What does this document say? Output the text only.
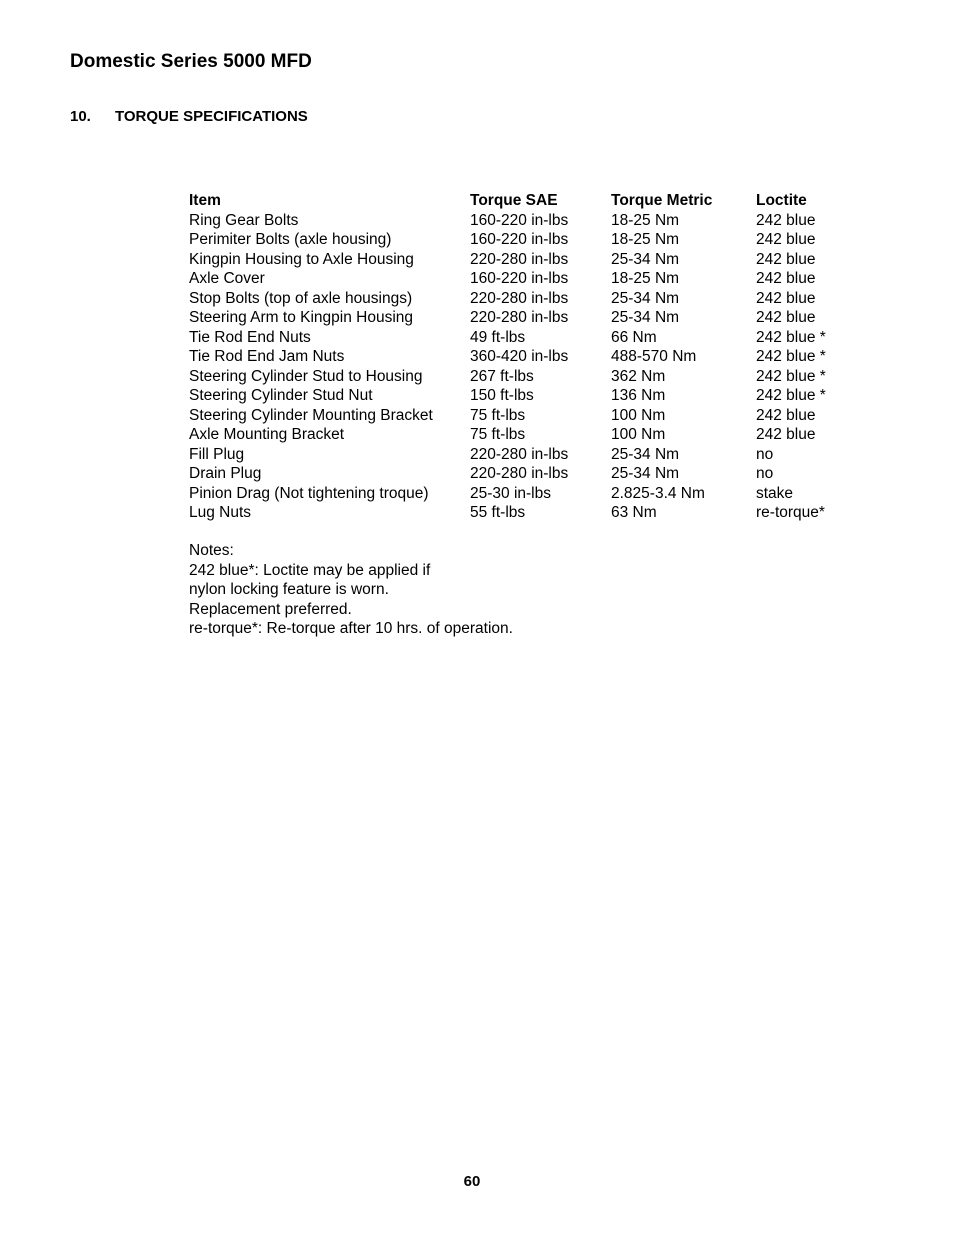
Domestic Series 5000 MFD
10. TORQUE SPECIFICATIONS
Item	Torque SAE	Torque Metric	Loctite
Ring Gear Bolts	160-220 in-lbs	18-25 Nm	242 blue
Perimiter Bolts (axle housing)	160-220 in-lbs	18-25 Nm	242 blue
Kingpin Housing to Axle Housing	220-280 in-lbs	25-34 Nm	242 blue
Axle Cover	160-220 in-lbs	18-25 Nm	242 blue
Stop Bolts (top of axle housings)	220-280 in-lbs	25-34 Nm	242 blue
Steering Arm to Kingpin Housing	220-280 in-lbs	25-34 Nm	242 blue
Tie Rod End Nuts	49 ft-lbs	66 Nm	242 blue *
Tie Rod End Jam Nuts	360-420 in-lbs	488-570 Nm	242 blue *
Steering Cylinder Stud to Housing	267 ft-lbs	362 Nm	242 blue *
Steering Cylinder Stud Nut	150 ft-lbs	136 Nm	242 blue *
Steering Cylinder Mounting Bracket	75 ft-lbs	100 Nm	242 blue
Axle Mounting Bracket	75 ft-lbs	100 Nm	242 blue
Fill Plug	220-280 in-lbs	25-34 Nm	no
Drain Plug	220-280 in-lbs	25-34 Nm	no
Pinion Drag (Not tightening troque)	25-30 in-lbs	2.825-3.4 Nm	stake
Lug Nuts	55 ft-lbs	63 Nm	re-torque*
Notes:
242 blue*: Loctite may be applied if
nylon locking feature is worn.
Replacement preferred.
re-torque*: Re-torque after 10 hrs. of operation.
60
